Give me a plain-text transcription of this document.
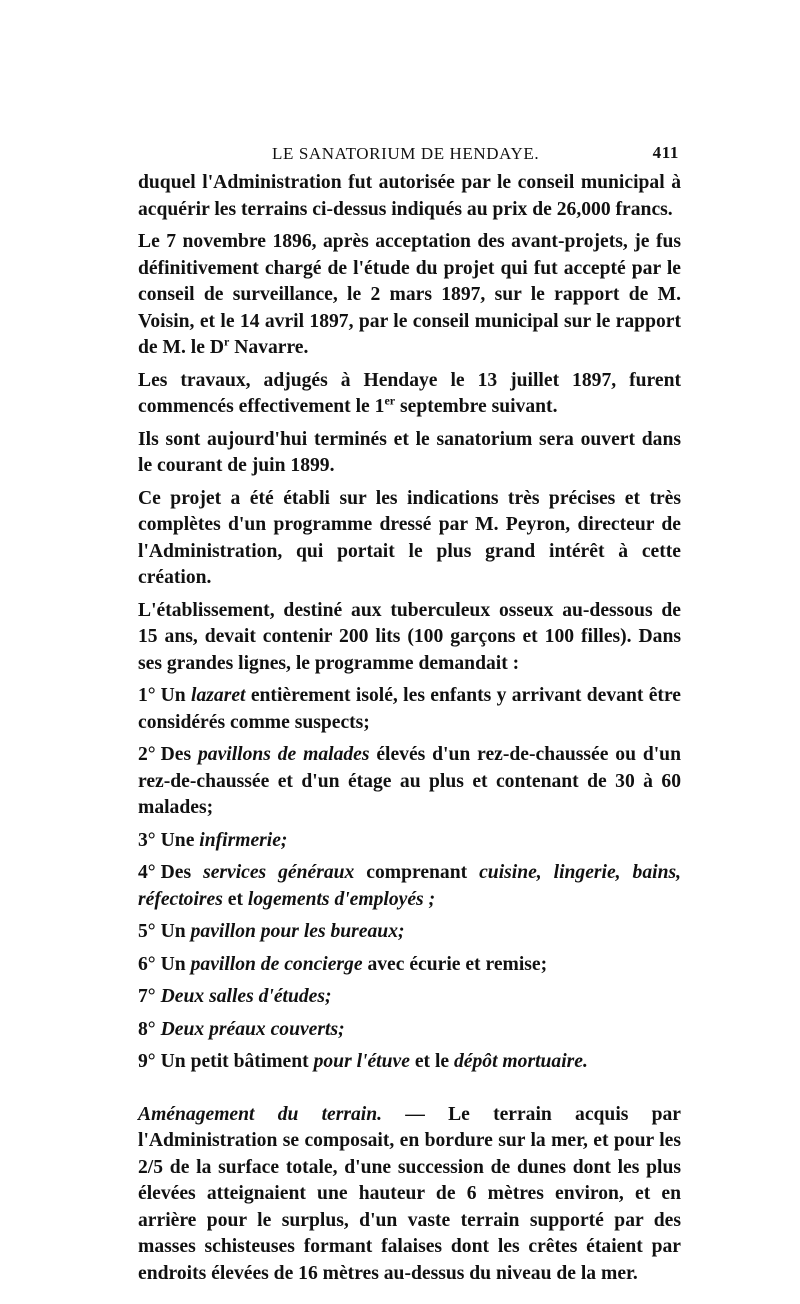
LE SANATORIUM DE HENDAYE.	411

duquel l'Administration fut autorisée par le conseil municipal à acquérir les terrains ci-dessus indiqués au prix de 26,000 francs.

Le 7 novembre 1896, après acceptation des avant-projets, je fus définitivement chargé de l'étude du projet qui fut accepté par le conseil de surveillance, le 2 mars 1897, sur le rapport de M. Voisin, et le 14 avril 1897, par le conseil municipal sur le rapport de M. le $D^r$ Navarre.

Les travaux, adjugés à Hendaye le 13 juillet 1897, furent commencés effectivement le 1er septembre suivant.

Ils sont aujourd'hui terminés et le sanatorium sera ouvert dans le courant de juin 1899.

Ce projet a été établi sur les indications très précises et très complètes d'un programme dressé par M. Peyron, directeur de l'Administration, qui portait le plus grand intérêt à cette création.

L'établissement, destiné aux tuberculeux osseux au-dessous de 15 ans, devait contenir 200 lits (100 garçons et 100 filles). Dans ses grandes lignes, le programme demandait :

1° Un lazaret entièrement isolé, les enfants y arrivant devant être considérés comme suspects;

2° Des pavillons de malades élevés d'un rez-de-chaussée ou d'un rez-de-chaussée et d'un étage au plus et contenant de 30 à 60 malades;

3° Une infirmerie;

4° Des services généraux comprenant cuisine, lingerie, bains, réfectoires et logements d'employés ;

5° Un pavillon pour les bureaux;

6° Un pavillon de concierge avec écurie et remise;

7° Deux salles d'études;

8° Deux préaux couverts;

9° Un petit bâtiment pour l'étuve et le dépôt mortuaire.

Aménagement du terrain. — Le terrain acquis par l'Administration se composait, en bordure sur la mer, et pour les 2/5 de la surface totale, d'une succession de dunes dont les plus élevées atteignaient une hauteur de 6 mètres environ, et en arrière pour le surplus, d'un vaste terrain supporté par des masses schisteuses formant falaises dont les crêtes étaient par endroits élevées de 16 mètres au-dessus du niveau de la mer.
